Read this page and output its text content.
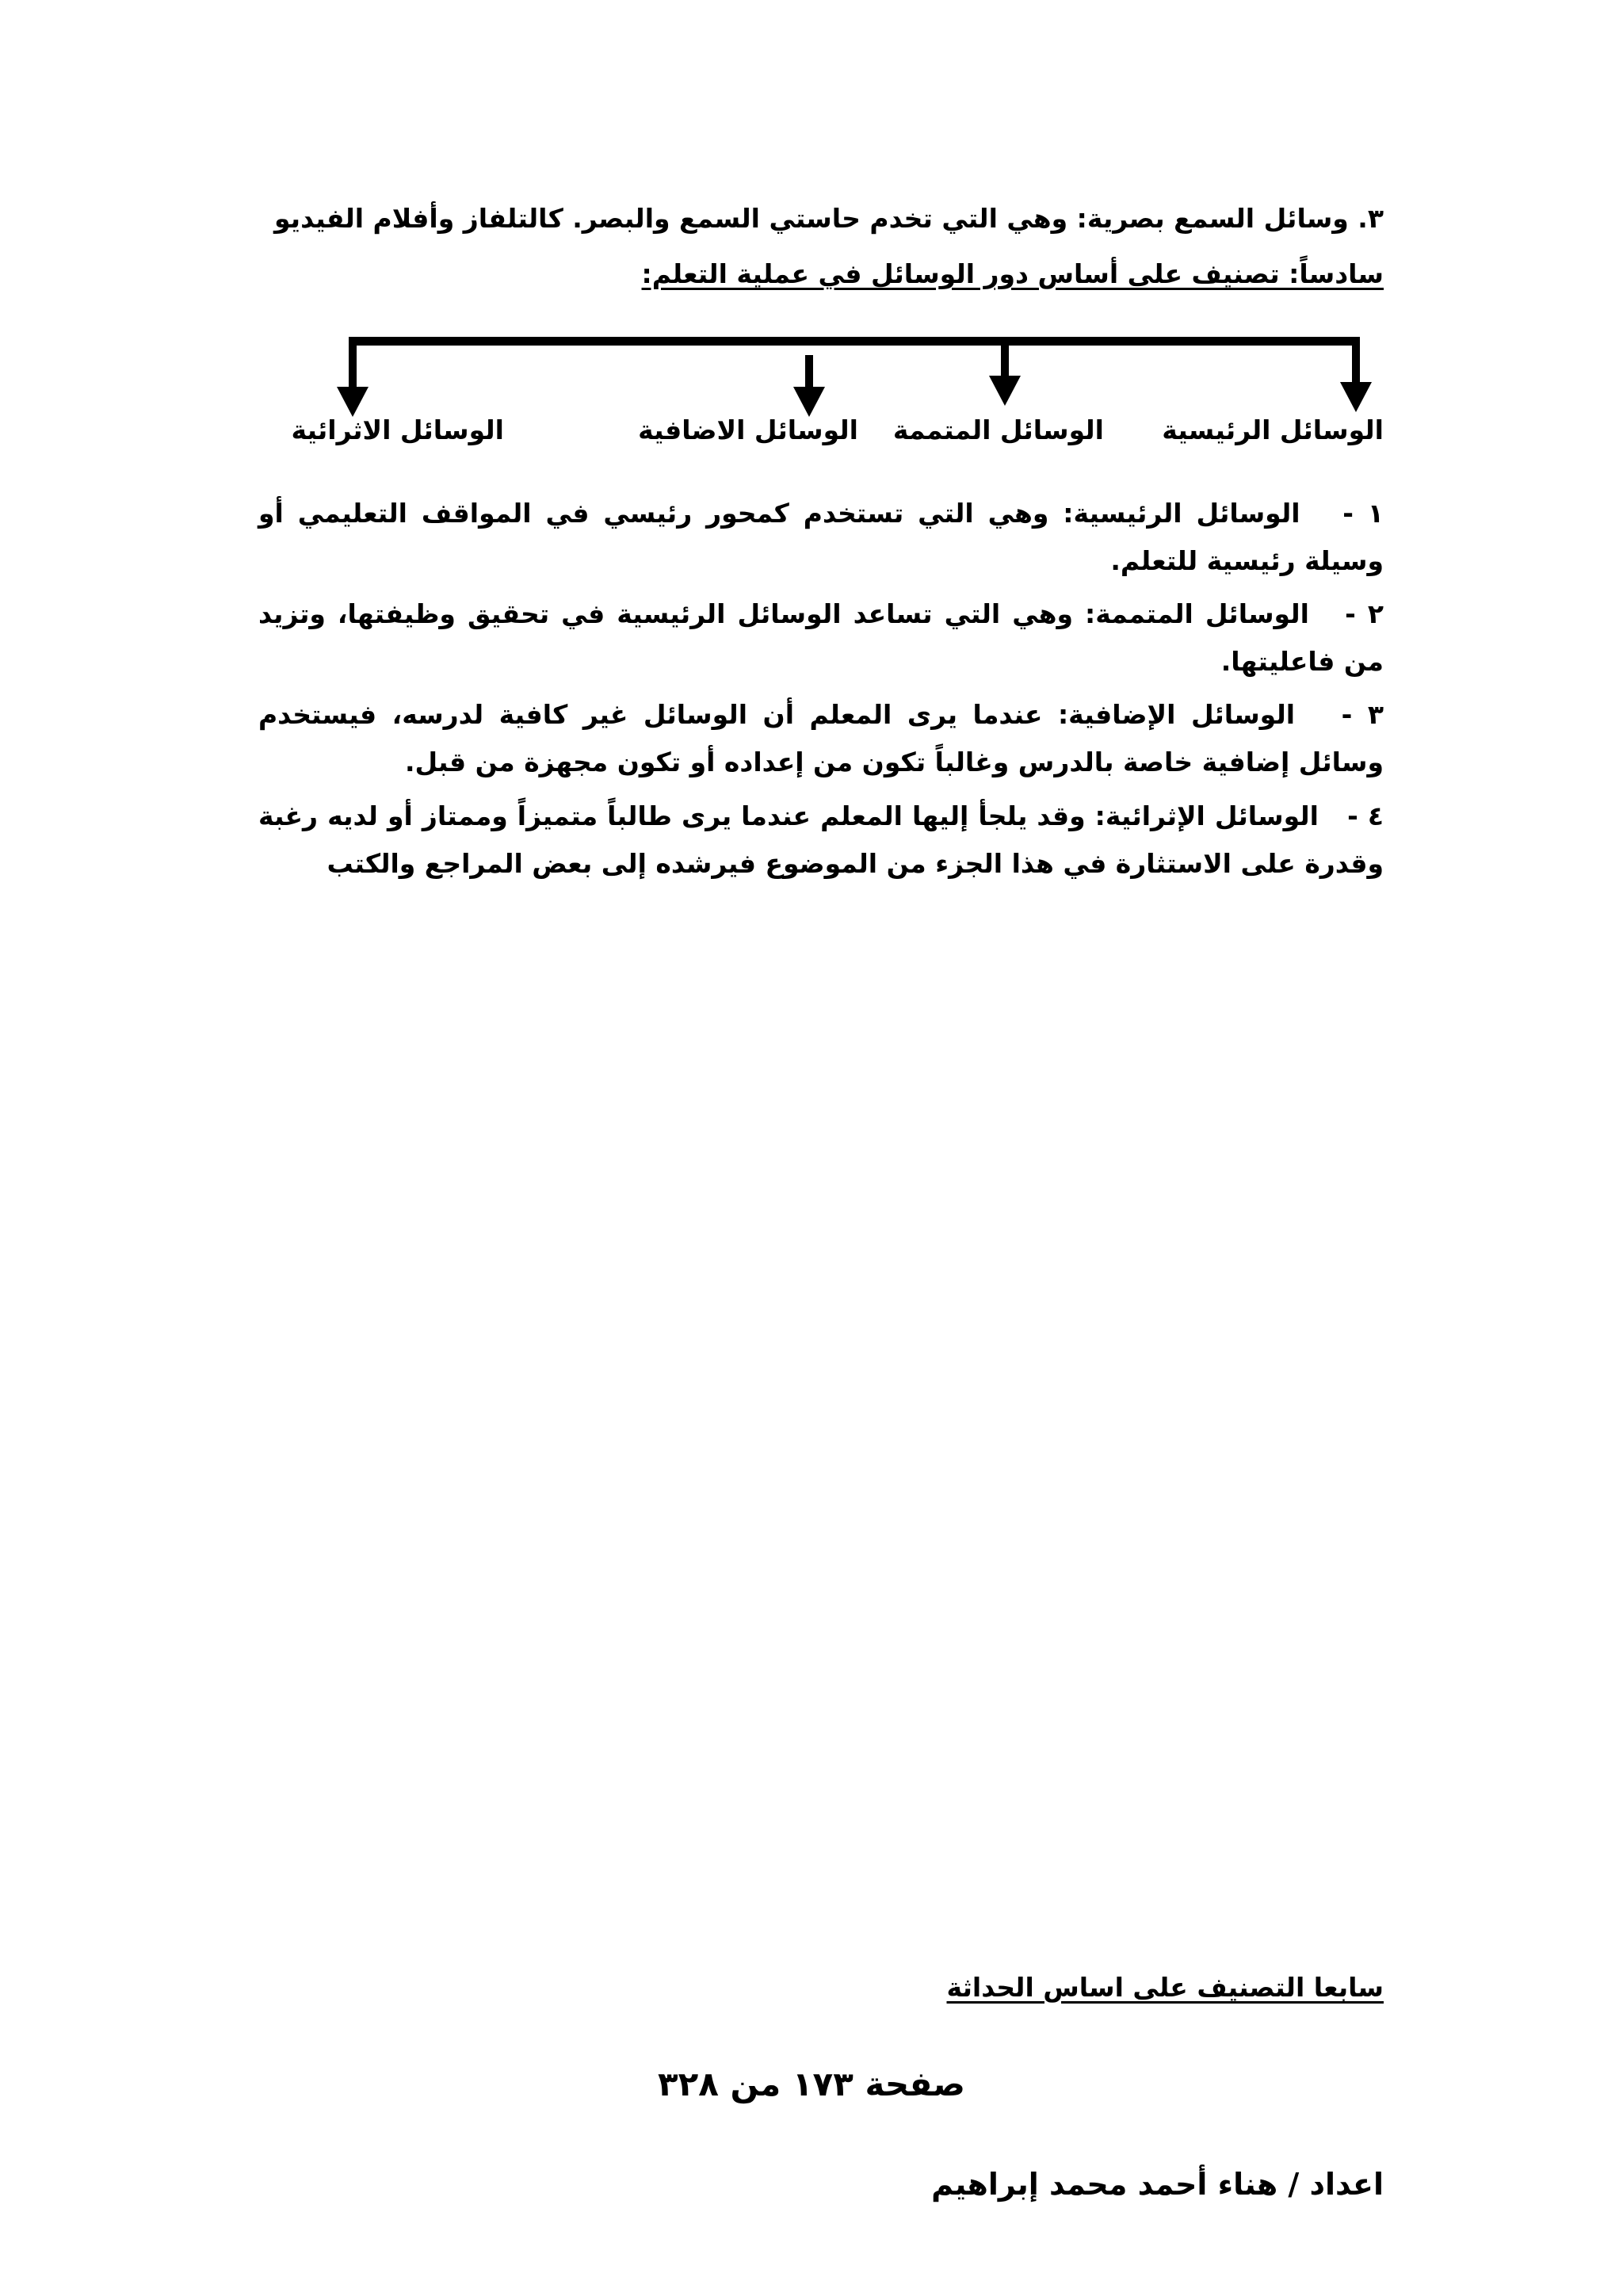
٣. وسائل السمع بصرية: وهي التي تخدم حاستي السمع والبصر. كالتلفاز وأفلام الفيديو
سادساً: تصنيف على أساس دور الوسائل في عملية التعلم:
الوسائل الرئيسية
الوسائل المتممة
الوسائل الاضافية
الوسائل الاثرائية
١ -   الوسائل الرئيسية: وهي التي تستخدم كمحور رئيسي في المواقف التعليمي أو وسيلة رئيسية للتعلم.
٢ -   الوسائل المتممة: وهي التي تساعد الوسائل الرئيسية في تحقيق وظيفتها، وتزيد من فاعليتها.
٣ -   الوسائل الإضافية: عندما يرى المعلم أن الوسائل غير كافية لدرسه، فيستخدم وسائل إضافية خاصة بالدرس وغالباً تكون من إعداده أو تكون مجهزة من قبل.
٤ -   الوسائل الإثرائية: وقد يلجأ إليها المعلم عندما يرى طالباً متميزاً وممتاز أو لديه رغبة وقدرة على الاستثارة في هذا الجزء من الموضوع فيرشده إلى بعض المراجع والكتب
سابعا التصنيف على اساس الحداثة
صفحة ١٧٣ من ٣٢٨
اعداد / هناء أحمد محمد إبراهيم
